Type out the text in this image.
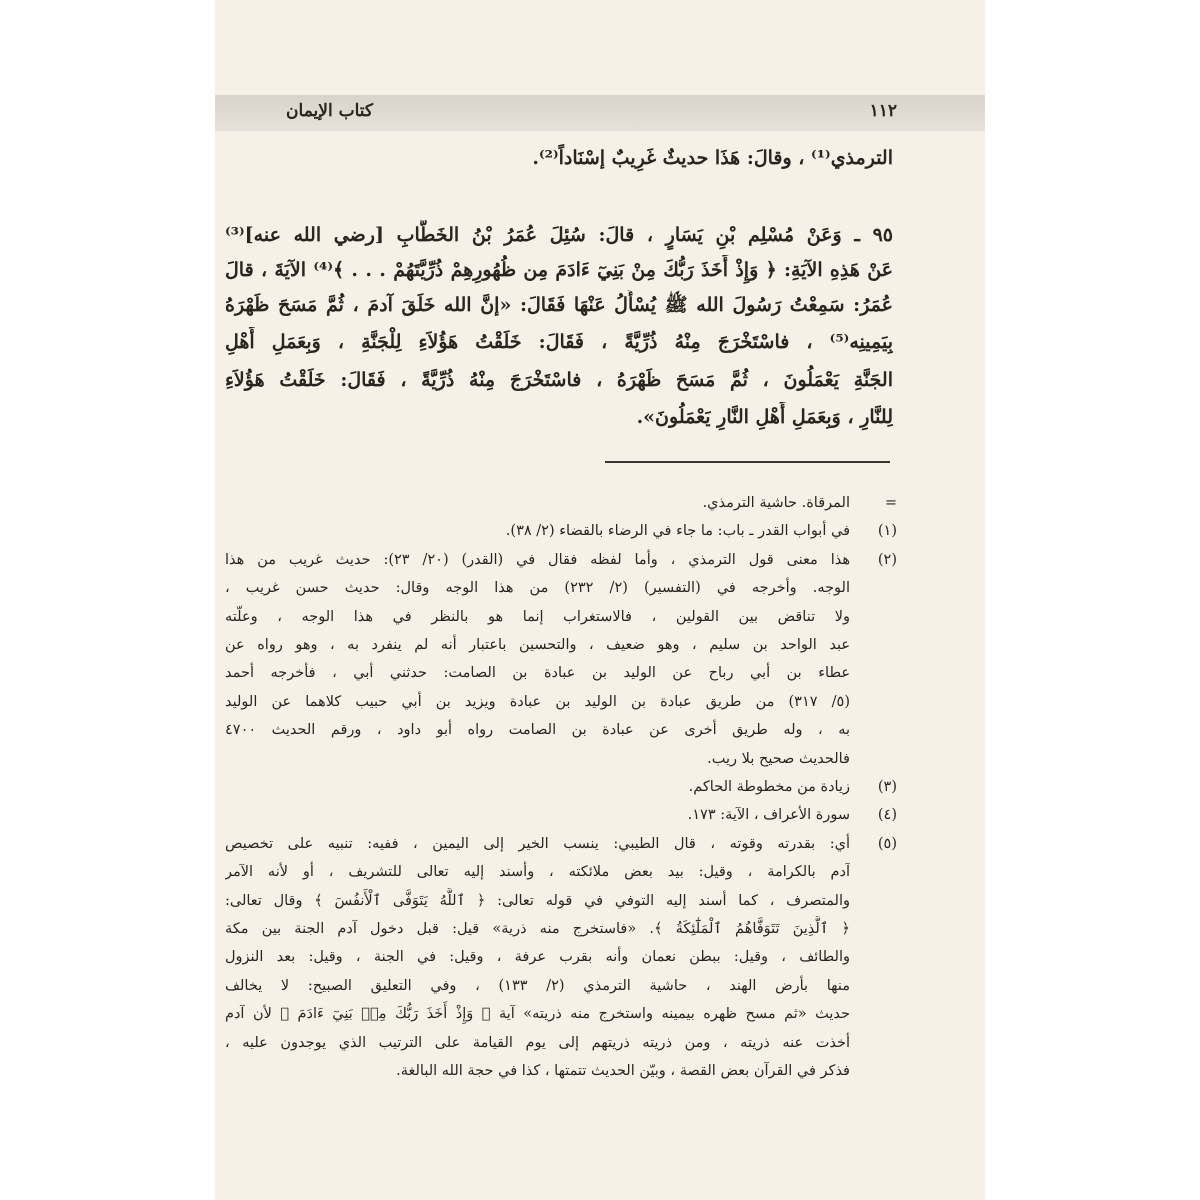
كتاب الإيمان	١١٢
الترمذي⁽¹⁾ ، وقالَ: هَذَا حديثٌ غَرِيبٌ إسْنَاداً⁽²⁾.
٩٥ ـ وَعَنْ مُسْلِم بْنِ يَسَارٍ ، قالَ: سُئِلَ عُمَرُ بْنُ الخَطَّابِ [رضي الله عنه]⁽³⁾
عَنْ هَذِهِ الآيَةِ: ﴿ وَإِذْ أَخَذَ رَبُّكَ مِنْ بَنِيٓ ءَادَمَ مِن ظُهُورِهِمْ ذُرِّيَّتَهُمْ . . . ﴾⁽⁴⁾ الآيَةَ ، قالَ
عُمَرُ: سَمِعْتُ رَسُولَ الله ﷺ يُسْأَلُ عَنْهَا فَقَالَ: «إنَّ الله خَلَقَ آدمَ ، ثُمَّ مَسَحَ ظَهْرَهُ
بِيَمِينِه⁽⁵⁾ ، فاسْتَخْرَجَ مِنْهُ ذُرِّيَّةً ، فَقَالَ: خَلَقْتُ هَؤُلاَءِ لِلْجَنَّةِ ، وَبِعَمَلِ أَهْلِ
الجَنَّةِ يَعْمَلُونَ ، ثُمَّ مَسَحَ ظَهْرَهُ ، فاسْتَخْرَجَ مِنْهُ ذُرِّيَّةً ، فَقَالَ: خَلَقْتُ هَؤُلاَءِ
لِلنَّارِ ، وَبِعَمَلِ أَهْلِ النَّارِ يَعْمَلُونَ».
=
المرقاة. حاشية الترمذي.
(١)
في أبواب القدر ـ باب: ما جاء في الرضاء بالقضاء (٢/ ٣٨).
(٢)
هذا معنى قول الترمذي ، وأما لفظه فقال في (القدر) (٢٠/ ٢٣): حديث غريب من هذا
الوجه. وأخرجه في (التفسير) (٢/ ٢٣٢) من هذا الوجه وقال: حديث حسن غريب ،
ولا تناقض بين القولين ، فالاستغراب إنما هو بالنظر في هذا الوجه ، وعلّته
عبد الواحد بن سليم ، وهو ضعيف ، والتحسين باعتبار أنه لم ينفرد به ، وهو رواه عن
عطاء بن أبي رباح عن الوليد بن عبادة بن الصامت: حدثني أبي ، فأخرجه أحمد
(٥/ ٣١٧) من طريق عبادة بن الوليد بن عبادة ويزيد بن أبي حبيب كلاهما عن الوليد
به ، وله طريق أخرى عن عبادة بن الصامت رواه أبو داود ، ورقم الحديث ٤٧٠٠
فالحديث صحيح بلا ريب.
(٣)
زيادة من مخطوطة الحاكم.
(٤)
سورة الأعراف ، الآية: ١٧٣.
(٥)
أي: بقدرته وقوته ، قال الطيبي: ينسب الخير إلى اليمين ، ففيه: تنبيه على تخصيص
آدم بالكرامة ، وقيل: بيد بعض ملائكته ، وأسند إليه تعالى للتشريف ، أو لأنه الآمر
والمتصرف ، كما أسند إليه التوفي في قوله تعالى: ﴿ ٱللَّهُ يَتَوَفَّى ٱلْأَنفُسَ ﴾ وقال تعالى:
﴿ ٱلَّذِينَ تَتَوَفَّاهُمُ ٱلْمَلَٰٓئِكَةُ ﴾. «فاستخرج منه ذرية» قيل: قبل دخول آدم الجنة بين مكة
والطائف ، وقيل: ببطن نعمان وأنه بقرب عرفة ، وقيل: في الجنة ، وقيل: بعد النزول
منها بأرض الهند ، حاشية الترمذي (٢/ ١٣٣) ، وفي التعليق الصبيح: لا يخالف
حديث «ثم مسح ظهره بيمينه واستخرج منه ذريته» آية ﴿ وَإِذْ أَخَذَ رَبُّكَ مِنۢ بَنِيٓ ءَادَمَ ﴾ لأن آدم
أخذت عنه ذريته ، ومن ذريته ذريتهم إلى يوم القيامة على الترتيب الذي يوجدون عليه ،
فذكر في القرآن بعض القصة ، وبيّن الحديث تتمتها ، كذا في حجة الله البالغة.
